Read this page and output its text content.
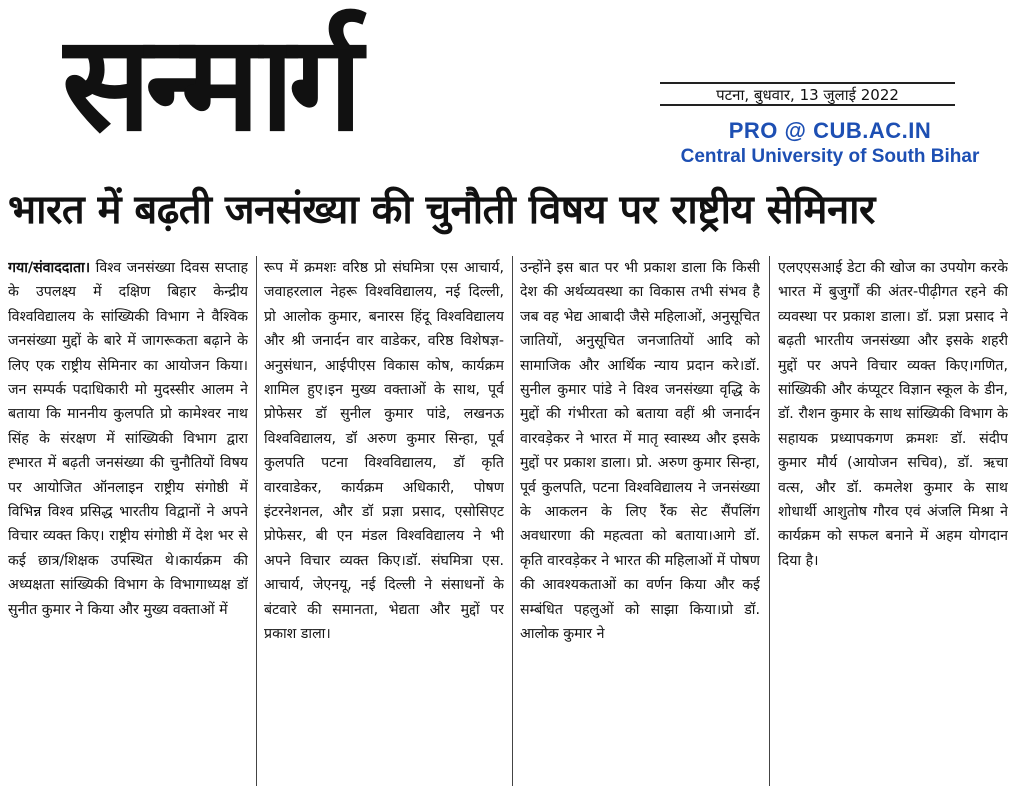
सन्मार्ग	पटना, बुधवार, 13 जुलाई 2022
PRO @ CUB.AC.IN
Central University of South Bihar
भारत में बढ़ती जनसंख्या की चुनौती विषय पर राष्ट्रीय सेमिनार
गया/संवाददाता। विश्व जनसंख्या दिवस सप्ताह के उपलक्ष्य में दक्षिण बिहार केन्द्रीय विश्वविद्यालय के सांख्यिकी विभाग ने वैश्विक जनसंख्या मुद्दों के बारे में जागरूकता बढ़ाने के लिए एक राष्ट्रीय सेमिनार का आयोजन किया।जन सम्पर्क पदाधिकारी मो मुदस्सीर आलम ने बताया कि माननीय कुलपति प्रो कामेश्वर नाथ सिंह के संरक्षण में सांख्यिकी विभाग द्वारा ह्भारत में बढ़ती जनसंख्या की चुनौतियों विषय पर आयोजित ऑनलाइन राष्ट्रीय संगोष्ठी में विभिन्न विश्व प्रसिद्ध भारतीय विद्वानों ने अपने विचार व्यक्त किए। राष्ट्रीय संगोष्ठी में देश भर से कई छात्र/शिक्षक उपस्थित थे।कार्यक्रम की अध्यक्षता सांख्यिकी विभाग के विभागाध्यक्ष डॉ सुनीत कुमार ने किया और मुख्य वक्ताओं में
रूप में क्रमशः वरिष्ठ प्रो संघमित्रा एस आचार्य, जवाहरलाल नेहरू विश्वविद्यालय, नई दिल्ली, प्रो आलोक कुमार, बनारस हिंदू विश्वविद्यालय और श्री जनार्दन वार वाडेकर, वरिष्ठ विशेषज्ञ-अनुसंधान, आईपीएस विकास कोष, कार्यक्रम शामिल हुए।इन मुख्य वक्ताओं के साथ, पूर्व प्रोफेसर डॉ सुनील कुमार पांडे, लखनऊ विश्वविद्यालय, डॉ अरुण कुमार सिन्हा, पूर्व कुलपति पटना विश्वविद्यालय, डॉ कृति वारवाडेकर, कार्यक्रम अधिकारी, पोषण इंटरनेशनल, और डॉ प्रज्ञा प्रसाद, एसोसिएट प्रोफेसर, बी एन मंडल विश्वविद्यालय ने भी अपने विचार व्यक्त किए।डॉ. संघमित्रा एस. आचार्य, जेएनयू, नई दिल्ली ने संसाधनों के बंटवारे की समानता, भेद्यता और मुद्दों पर प्रकाश डाला।
उन्होंने इस बात पर भी प्रकाश डाला कि किसी देश की अर्थव्यवस्था का विकास तभी संभव है जब वह भेद्य आबादी जैसे महिलाओं, अनुसूचित जातियों, अनुसूचित जनजातियों आदि को सामाजिक और आर्थिक न्याय प्रदान करे।डॉ. सुनील कुमार पांडे ने विश्व जनसंख्या वृद्धि के मुद्दों की गंभीरता को बताया वहीं श्री जनार्दन वारवड़ेकर ने भारत में मातृ स्वास्थ्य और इसके मुद्दों पर प्रकाश डाला। प्रो. अरुण कुमार सिन्हा, पूर्व कुलपति, पटना विश्वविद्यालय ने जनसंख्या के आकलन के लिए रैंक सेट सैंपलिंग अवधारणा की महत्वता को बताया।आगे डॉ. कृति वारवड़ेकर ने भारत की महिलाओं में पोषण की आवश्यकताओं का वर्णन किया और कई सम्बंधित पहलुओं को साझा किया।प्रो डॉ. आलोक कुमार ने
एलएएसआई डेटा की खोज का उपयोग करके भारत में बुजुर्गों की अंतर-पीढ़ीगत रहने की व्यवस्था पर प्रकाश डाला। डॉ. प्रज्ञा प्रसाद ने बढ़ती भारतीय जनसंख्या और इसके शहरी मुद्दों पर अपने विचार व्यक्त किए।गणित, सांख्यिकी और कंप्यूटर विज्ञान स्कूल के डीन, डॉ. रौशन कुमार के साथ सांख्यिकी विभाग के सहायक प्रध्यापकगण क्रमशः डॉ. संदीप कुमार मौर्य (आयोजन सचिव), डॉ. ऋचा वत्स, और डॉ. कमलेश कुमार के साथ शोधार्थी आशुतोष गौरव एवं अंजलि मिश्रा ने कार्यक्रम को सफल बनाने में अहम योगदान दिया है।
